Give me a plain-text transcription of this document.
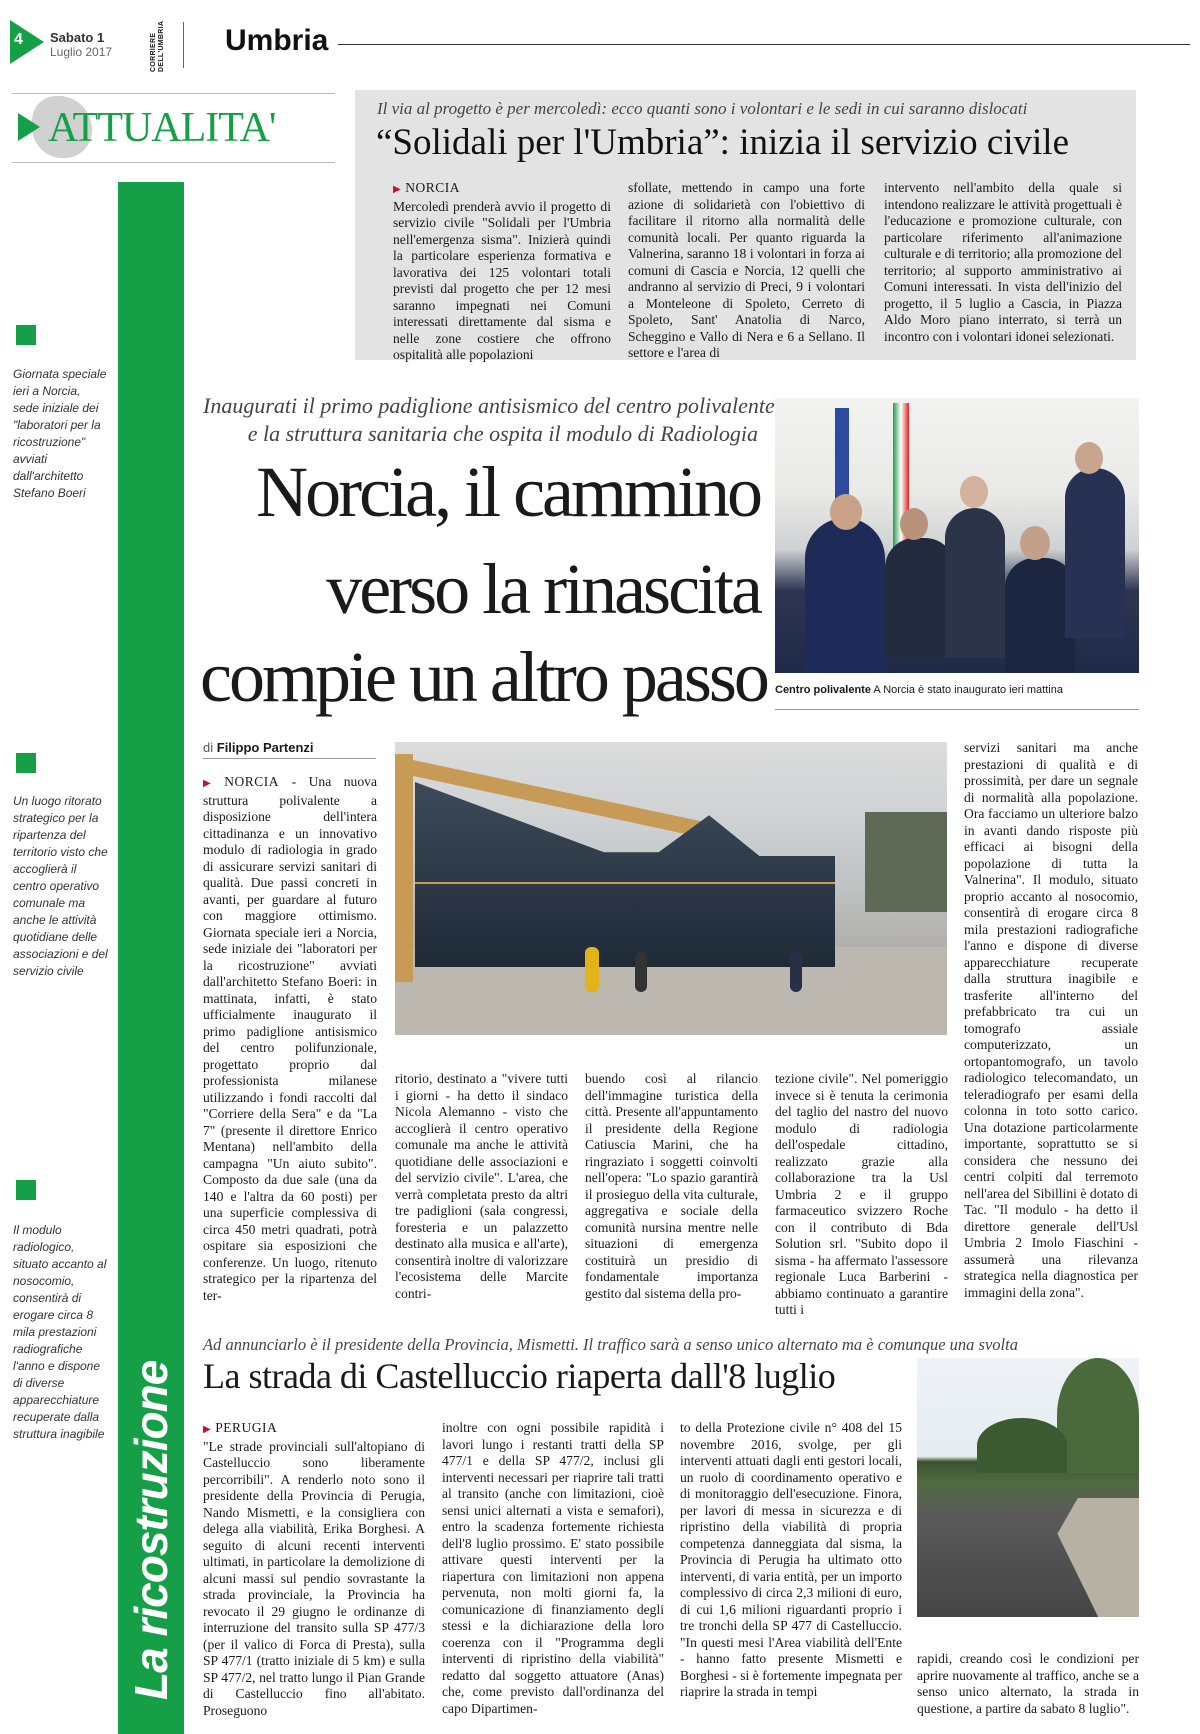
4 Sabato 1
Luglio 2017	CORRIERE DELL'UMBRIA Umbria
ATTUALITA'
La ricostruzione
Giornata speciale ieri a Norcia, sede iniziale dei "laboratori per la ricostruzione" avviati dall'architetto Stefano Boeri
Un luogo ritorato strategico per la ripartenza del territorio visto che accoglierà il centro operativo comunale ma anche le attività quotidiane delle associazioni e del servizio civile
Il modulo radiologico, situato accanto al nosocomio, consentirà di erogare circa 8 mila prestazioni radiografiche l'anno e dispone di diverse apparecchiature recuperate dalla struttura inagibile
Il via al progetto è per mercoledì: ecco quanti sono i volontari e le sedi in cui saranno dislocati
“Solidali per l'Umbria”: inizia il servizio civile
▶ NORCIA

Mercoledì prenderà avvio il progetto di servizio civile "Solidali per l'Umbria nell'emergenza sisma". Inizierà quindi la particolare esperienza formativa e lavorativa dei 125 volontari totali previsti dal progetto che per 12 mesi saranno impegnati nei Comuni interessati direttamente dal sisma e nelle zone costiere che offrono ospitalità alle popolazioni

sfollate, mettendo in campo una forte azione di solidarietà con l'obiettivo di facilitare il ritorno alla normalità delle comunità locali. Per quanto riguarda la Valnerina, saranno 18 i volontari in forza ai comuni di Cascia e Norcia, 12 quelli che andranno al servizio di Preci, 9 i volontari a Monteleone di Spoleto, Cerreto di Spoleto, Sant' Anatolia di Narco, Scheggino e Vallo di Nera e 6 a Sellano. Il settore e l'area di
intervento nell'ambito della quale si intendono realizzare le attività progettuali è l'educazione e promozione culturale, con particolare riferimento all'animazione culturale e di territorio; alla promozione del territorio; al supporto amministrativo ai Comuni interessati. In vista dell'inizio del progetto, il 5 luglio a Cascia, in Piazza Aldo Moro piano interrato, si terrà un incontro con i volontari idonei selezionati.
Inaugurati il primo padiglione antisismico del centro polivalente
e la struttura sanitaria che ospita il modulo di Radiologia
Norcia, il cammino
verso la rinascita
compie un altro passo Centro polivalente A Norcia è stato inaugurato ieri mattina
di Filippo Partenzi
▶ NORCIA - Una nuova struttura polivalente a disposizione dell'intera cittadinanza e un innovativo modulo di radiologia in grado di assicurare servizi sanitari di qualità. Due passi concreti in avanti, per guardare al futuro con maggiore ottimismo. Giornata speciale ieri a Norcia, sede iniziale dei "laboratori per la ricostruzione" avviati dall'architetto Stefano Boeri: in mattinata, infatti, è stato ufficialmente inaugurato il primo padiglione antisismico del centro polifunzionale, progettato proprio dal professionista milanese utilizzando i fondi raccolti dal "Corriere della Sera" e da "La 7" (presente il direttore Enrico Mentana) nell'ambito della campagna "Un aiuto subito". Composto da due sale (una da 140 e l'altra da 60 posti) per una superficie complessiva di circa 450 metri quadrati, potrà ospitare sia esposizioni che conferenze. Un luogo, ritenuto strategico per la ripartenza del ter-
ritorio, destinato a "vivere tutti i giorni - ha detto il sindaco Nicola Alemanno - visto che accoglierà il centro operativo comunale ma anche le attività quotidiane delle associazioni e del servizio civile". L'area, che verrà completata presto da altri tre padiglioni (sala congressi, foresteria e un palazzetto destinato alla musica e all'arte), consentirà inoltre di valorizzare l'ecosistema delle Marcite contri-
buendo così al rilancio dell'immagine turistica della città. Presente all'appuntamento il presidente della Regione Catiuscia Marini, che ha ringraziato i soggetti coinvolti nell'opera: "Lo spazio garantirà il prosieguo della vita culturale, aggregativa e sociale della comunità nursina mentre nelle situazioni di emergenza costituirà un presidio di fondamentale importanza gestito dal sistema della pro-
tezione civile". Nel pomeriggio invece si è tenuta la cerimonia del taglio del nastro del nuovo modulo di radiologia dell'ospedale cittadino, realizzato grazie alla collaborazione tra la Usl Umbria 2 e il gruppo farmaceutico svizzero Roche con il contributo di Bda Solution srl. "Subito dopo il sisma - ha affermato l'assessore regionale Luca Barberini - abbiamo continuato a garantire tutti i
servizi sanitari ma anche prestazioni di qualità e di prossimità, per dare un segnale di normalità alla popolazione. Ora facciamo un ulteriore balzo in avanti dando risposte più efficaci ai bisogni della popolazione di tutta la Valnerina". Il modulo, situato proprio accanto al nosocomio, consentirà di erogare circa 8 mila prestazioni radiografiche l'anno e dispone di diverse apparecchiature recuperate dalla struttura inagibile e trasferite all'interno del prefabbricato tra cui un tomografo assiale computerizzato, un ortopantomografo, un tavolo radiologico telecomandato, un teleradiografo per esami della colonna in toto sotto carico. Una dotazione particolarmente importante, soprattutto se si considera che nessuno dei centri colpiti dal terremoto nell'area del Sibillini è dotato di Tac. "Il modulo - ha detto il direttore generale dell'Usl Umbria 2 Imolo Fiaschini - assumerà una rilevanza strategica nella diagnostica per immagini della zona".
Ad annunciarlo è il presidente della Provincia, Mismetti. Il traffico sarà a senso unico alternato ma è comunque una svolta
La strada di Castelluccio riaperta dall'8 luglio
▶ PERUGIA

"Le strade provinciali sull'altopiano di Castelluccio sono liberamente percorribili". A renderlo noto sono il presidente della Provincia di Perugia, Nando Mismetti, e la consigliera con delega alla viabilità, Erika Borghesi. A seguito di alcuni recenti interventi ultimati, in particolare la demolizione di alcuni massi sul pendio sovrastante la strada provinciale, la Provincia ha revocato il 29 giugno le ordinanze di interruzione del transito sulla SP 477/3 (per il valico di Forca di Presta), sulla SP 477/1 (tratto iniziale di 5 km) e sulla SP 477/2, nel tratto lungo il Pian Grande di Castelluccio fino all'abitato. Proseguono

inoltre con ogni possibile rapidità i lavori lungo i restanti tratti della SP 477/1 e della SP 477/2, inclusi gli interventi necessari per riaprire tali tratti al transito (anche con limitazioni, cioè sensi unici alternati a vista e semafori), entro la scadenza fortemente richiesta dell'8 luglio prossimo. E' stato possibile attivare questi interventi per la riapertura con limitazioni non appena pervenuta, non molti giorni fa, la comunicazione di finanziamento degli stessi e la dichiarazione della loro coerenza con il "Programma degli interventi di ripristino della viabilità" redatto dal soggetto attuatore (Anas) che, come previsto dall'ordinanza del capo Dipartimen-
to della Protezione civile n° 408 del 15 novembre 2016, svolge, per gli interventi attuati dagli enti gestori locali, un ruolo di coordinamento operativo e di monitoraggio dell'esecuzione. Finora, per lavori di messa in sicurezza e di ripristino della viabilità di propria competenza danneggiata dal sisma, la Provincia di Perugia ha ultimato otto interventi, di varia entità, per un importo complessivo di circa 2,3 milioni di euro, di cui 1,6 milioni riguardanti proprio i tre tronchi della SP 477 di Castelluccio. "In questi mesi l'Area viabilità dell'Ente - hanno fatto presente Mismetti e Borghesi - si è fortemente impegnata per riaprire la strada in tempi
rapidi, creando così le condizioni per aprire nuovamente al traffico, anche se a senso unico alternato, la strada in questione, a partire da sabato 8 luglio".
